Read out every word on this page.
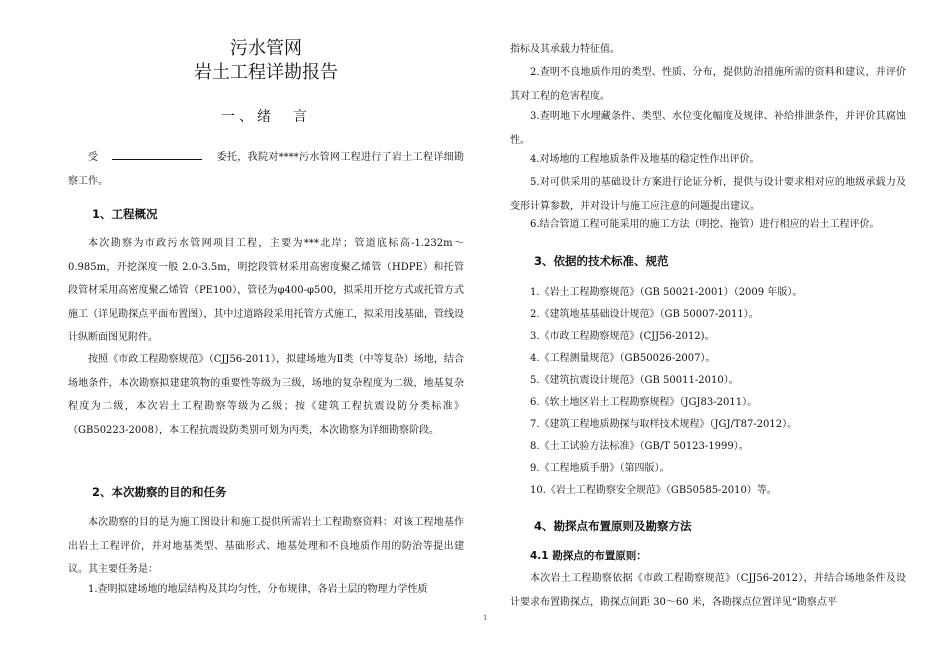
污水管网
岩土工程详勘报告
一、绪　言
受	委托，我院对****污水管网工程进行了岩土工程详细勘察工作。
1、工程概况
本次勘察为市政污水管网项目工程，主要为***北岸；管道底标高-1.232m～0.985m，开挖深度一般 2.0-3.5m，明挖段管材采用高密度聚乙烯管（HDPE）和托管段管材采用高密度聚乙烯管（PE100），管径为φ400-φ500，拟采用开挖方式或托管方式施工（详见勘探点平面布置图），其中过道路段采用托管方式施工，拟采用浅基础，管线设计纵断面图见附件。
按照《市政工程勘察规范》（CJJ56-2011），拟建场地为Ⅱ类（中等复杂）场地，结合场地条件，本次勘察拟建建筑物的重要性等级为三级，场地的复杂程度为二级，地基复杂程度为二级，本次岩土工程勘察等级为乙级；按《建筑工程抗震设防分类标准》（GB50223-2008），本工程抗震设防类别可划为丙类，本次勘察为详细勘察阶段。
2、本次勘察的目的和任务
本次勘察的目的是为施工图设计和施工提供所需岩土工程勘察资料：对该工程地基作出岩土工程评价，并对地基类型、基础形式、地基处理和不良地质作用的防治等提出建议。其主要任务是：
1.查明拟建场地的地层结构及其均匀性，分布规律，各岩土层的物理力学性质
指标及其承载力特征值。
2.查明不良地质作用的类型、性质、分布，提供防治措施所需的资料和建议，并评价其对工程的危害程度。
3.查明地下水埋藏条件、类型、水位变化幅度及规律、补给排泄条件，并评价其腐蚀性。
4.对场地的工程地质条件及地基的稳定性作出评价。
5.对可供采用的基础设计方案进行论证分析，提供与设计要求相对应的地级承载力及变形计算参数，并对设计与施工应注意的问题提出建议。
6.结合管道工程可能采用的施工方法（明挖、拖管）进行相应的岩土工程评价。
3、依据的技术标准、规范
1.《岩土工程勘察规范》（GB 50021-2001）（2009 年版）。
2.《建筑地基基础设计规范》（GB 50007-2011）。
3.《市政工程勘察规范》(CJJ56-2012)。
4.《工程测量规范》（GB50026-2007）。
5.《建筑抗震设计规范》（GB 50011-2010）。
6.《软土地区岩土工程勘察规程》（JGJ83-2011）。
7.《建筑工程地质勘探与取样技术规程》（JGJ/T87-2012）。
8.《土工试验方法标准》（GB/T 50123-1999）。
9.《工程地质手册》（第四版）。
10.《岩土工程勘察安全规范》（GB50585-2010）等。
4、勘探点布置原则及勘察方法
4.1 勘探点的布置原则：
本次岩土工程勘察依据《市政工程勘察规范》（CJJ56-2012），并结合场地条件及设计要求布置勘探点，勘探点间距 30～60 米，各勘探点位置详见“勘察点平
1
